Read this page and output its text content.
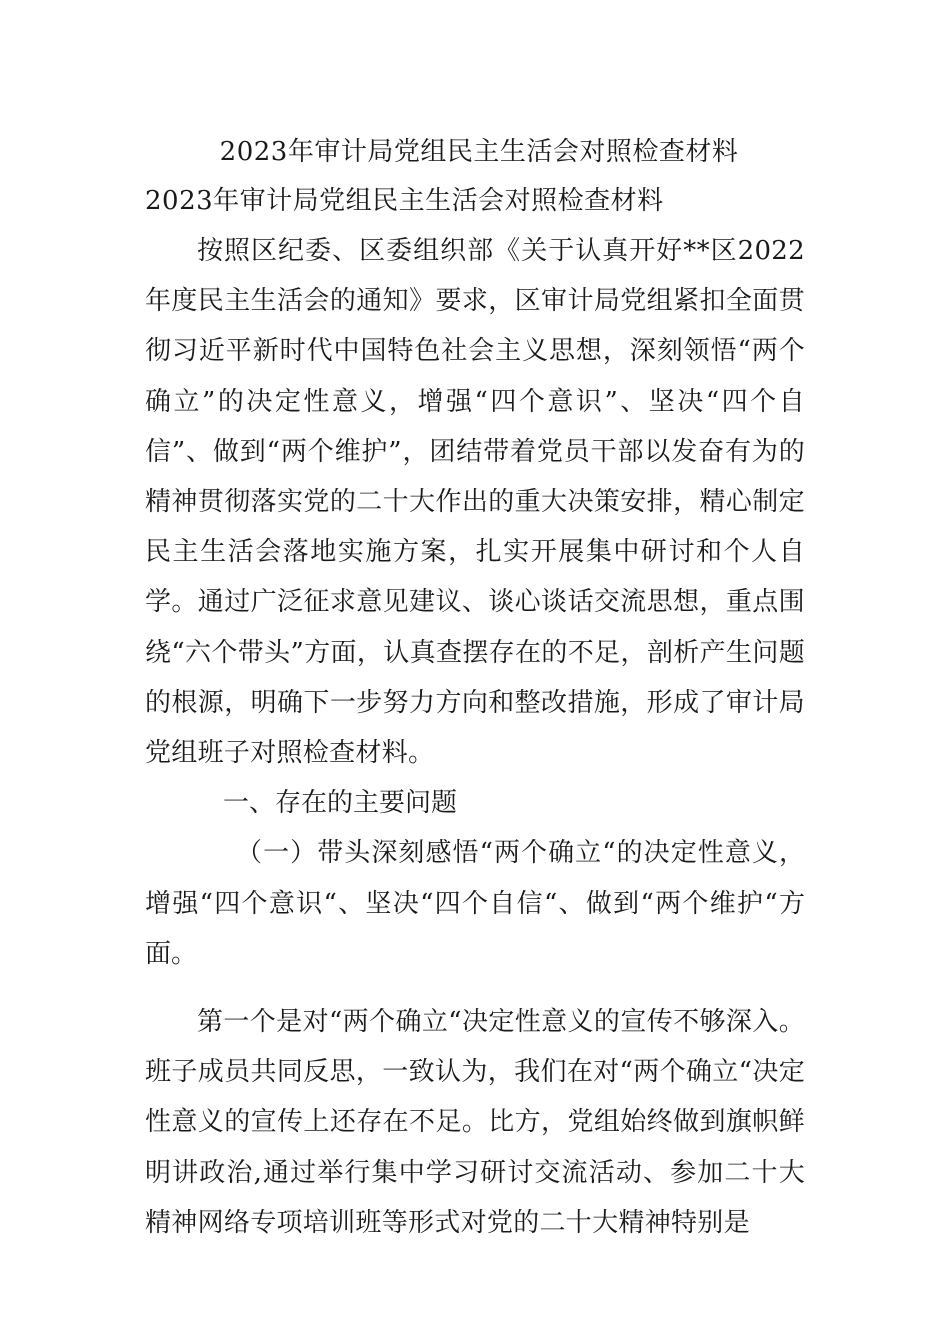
2023年审计局党组民主生活会对照检查材料

2023年审计局党组民主生活会对照检查材料

按照区纪委、区委组织部《关于认真开好**区2022年度民主生活会的通知》要求，区审计局党组紧扣全面贯彻习近平新时代中国特色社会主义思想，深刻领悟“两个确立”的决定性意义，增强“四个意识”、坚决“四个自信”、做到“两个维护”，团结带着党员干部以发奋有为的精神贯彻落实党的二十大作出的重大决策安排，精心制定民主生活会落地实施方案，扎实开展集中研讨和个人自学。通过广泛征求意见建议、谈心谈话交流思想，重点围绕“六个带头”方面，认真查摆存在的不足，剖析产生问题的根源，明确下一步努力方向和整改措施，形成了审计局党组班子对照检查材料。

一、存在的主要问题

（一）带头深刻感悟“两个确立“的决定性意义，增强“四个意识“、坚决“四个自信“、做到“两个维护“方面。

第一个是对“两个确立“决定性意义的宣传不够深入。班子成员共同反思，一致认为，我们在对“两个确立“决定性意义的宣传上还存在不足。比方，党组始终做到旗帜鲜明讲政治,通过举行集中学习研讨交流活动、参加二十大精神网络专项培训班等形式对党的二十大精神特别是
